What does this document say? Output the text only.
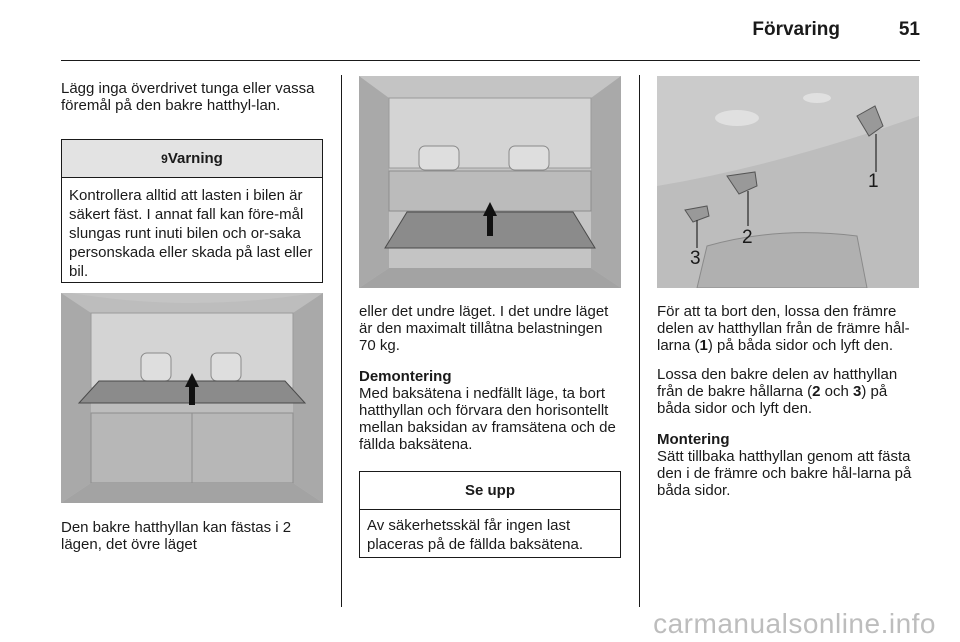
Förvaring	51

Lägg inga överdrivet tunga eller vassa föremål på den bakre hatthyl-lan.

9Varning
Kontrollera alltid att lasten i bilen är säkert fäst. I annat fall kan före-mål slungas runt inuti bilen och or-saka personskada eller skada på last eller bil.

Den bakre hatthyllan kan fästas i 2 lägen, det övre läget

eller det undre läget. I det undre läget är den maximalt tillåtna belastningen 70 kg.

Demontering
Med baksätena i nedfällt läge, ta bort hatthyllan och förvara den horisontellt mellan baksidan av framsätena och de fällda baksätena.

Se upp
Av säkerhetsskäl får ingen last placeras på de fällda baksätena.
1
2
3

För att ta bort den, lossa den främre delen av hatthyllan från de främre hål-larna (1) på båda sidor och lyft den.

Lossa den bakre delen av hatthyllan från de bakre hållarna (2 och 3) på båda sidor och lyft den.

Montering
Sätt tillbaka hatthyllan genom att fästa den i de främre och bakre hål-larna på båda sidor.

carmanualsonline.info
